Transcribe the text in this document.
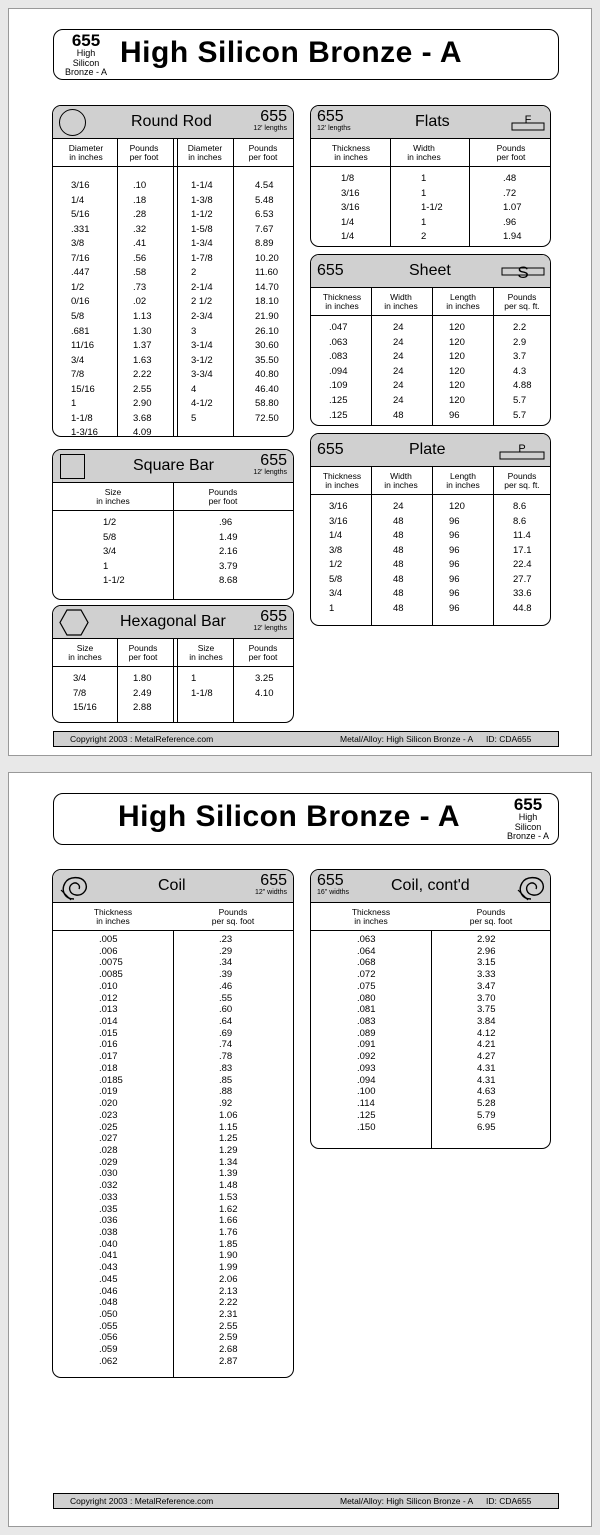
655
High
Silicon
Bronze - A
High Silicon Bronze - A
Round Rod	655
12' lengths
Diameter
in inches
Pounds
per foot
Diameter
in inches
Pounds
per foot
3/16	.10
1/4	.18
5/16	.28
.331	.32
3/8	.41
7/16	.56
.447	.58
1/2	.73
0/16	.02
5/8	1.13
.681	1.30
11/16	1.37
3/4	1.63
7/8	2.22
15/16	2.55
1	2.90
1-1/8	3.68
1-3/16	4.09
1-1/4	4.54
1-3/8	5.48
1-1/2	6.53
1-5/8	7.67
1-3/4	8.89
1-7/8	10.20
2	11.60
2-1/4	14.70
2 1/2	18.10
2-3/4	21.90
3	26.10
3-1/4	30.60
3-1/2	35.50
3-3/4	40.80
4	46.40
4-1/2	58.80
5	72.50
655
12' lengths	Flats	F
Thickness
in inches
Width
in inches
Pounds
per foot
1/8	1	.48
3/16	1	.72
3/16	1-1/2	1.07
1/4	1	.96
1/4	2	1.94
655	Sheet	S
Thickness
in inches
Width
in inches
Length
in inches
Pounds
per sq. ft.
.047	24	120	2.2
.063	24	120	2.9
.083	24	120	3.7
.094	24	120	4.3
.109	24	120	4.88
.125	24	120	5.7
.125	48	96	5.7
655	Plate	P
Thickness
in inches
Width
in inches
Length
in inches
Pounds
per sq. ft.
3/16	24	120	8.6
3/16	48	96	8.6
1/4	48	96	11.4
3/8	48	96	17.1
1/2	48	96	22.4
5/8	48	96	27.7
3/4	48	96	33.6
1	48	96	44.8
Square Bar	655
12' lengths
Size
in inches
Pounds
per foot
1/2	.96
5/8	1.49
3/4	2.16
1	3.79
1-1/2	8.68
Hexagonal Bar 655
12' lengths
Size
in inches
Pounds
per foot
Size
in inches
Pounds
per foot
3/4	1.80
7/8	2.49
15/16	2.88
1	3.25
1-1/8	4.10
Copyright 2003 : MetalReference.com	Metal/Alloy: High Silicon Bronze - A ID: CDA655
High Silicon Bronze - A	655
High
Silicon
Bronze - A
Coil	655
12" widths
Thickness
in inches
Pounds
per sq. foot
.005	.23
.006	.29
.0075	.34
.0085	.39
.010	.46
.012	.55
.013	.60
.014	.64
.015	.69
.016	.74
.017	.78
.018	.83
.0185	.85
.019	.88
.020	.92
.023	1.06
.025	1.15
.027	1.25
.028	1.29
.029	1.34
.030	1.39
.032	1.48
.033	1.53
.035	1.62
.036	1.66
.038	1.76
.040	1.85
.041	1.90
.043	1.99
.045	2.06
.046	2.13
.048	2.22
.050	2.31
.055	2.55
.056	2.59
.059	2.68
.062	2.87
655
16" widths	Coil, cont'd
Thickness
in inches
Pounds
per sq. foot
.063	2.92
.064	2.96
.068	3.15
.072	3.33
.075	3.47
.080	3.70
.081	3.75
.083	3.84
.089	4.12
.091	4.21
.092	4.27
.093	4.31
.094	4.31
.100	4.63
.114	5.28
.125	5.79
.150	6.95
Copyright 2003 : MetalReference.com	Metal/Alloy: High Silicon Bronze - A ID: CDA655
